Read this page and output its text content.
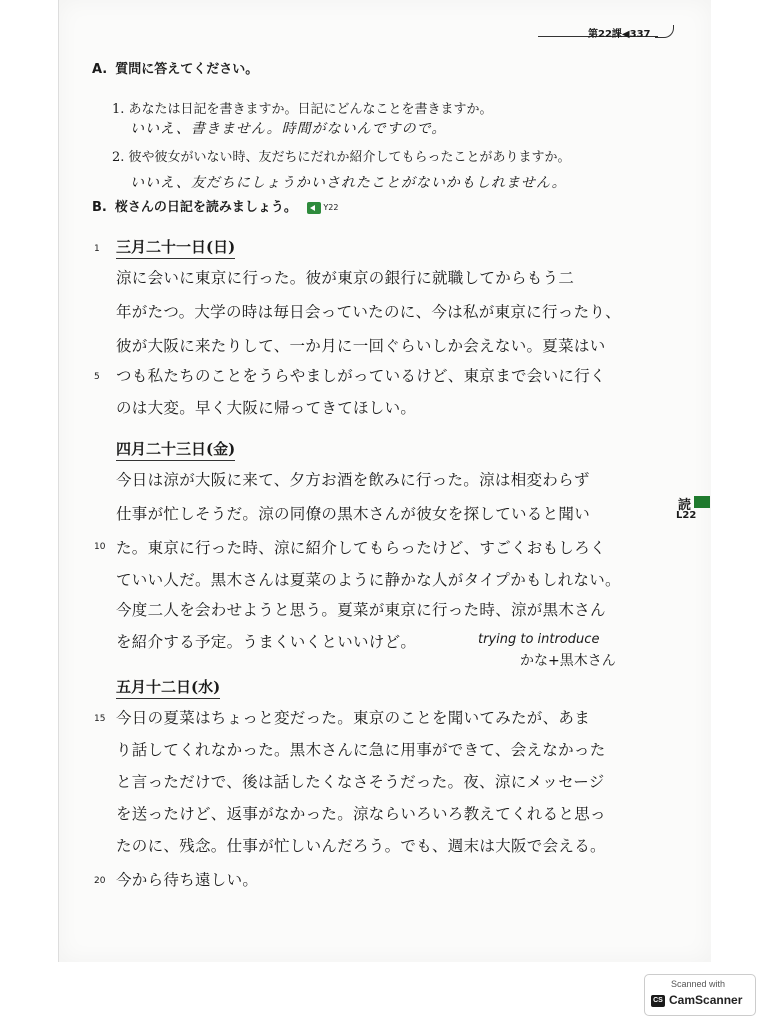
第22課◀337
A. 質問に答えてください。
1. あなたは日記を書きますか。日記にどんなことを書きますか。
いいえ、書きません。時間がないんですので。
2. 彼や彼女がいない時、友だちにだれか紹介してもらったことがありますか。
いいえ、友だちにしょうかいされたことがないかもしれません。
B. 桜さんの日記を読みましょう。	Y22
三月二十一日(日)
1
涼に会いに東京に行った。彼が東京の銀行に就職してからもう二
年がたつ。大学の時は毎日会っていたのに、今は私が東京に行ったり、
彼が大阪に来たりして、一か月に一回ぐらいしか会えない。夏菜はい
5 つも私たちのことをうらやましがっているけど、東京まで会いに行く
のは大変。早く大阪に帰ってきてほしい。
四月二十三日(金)
今日は涼が大阪に来て、夕方お酒を飲みに行った。涼は相変わらず
仕事が忙しそうだ。涼の同僚の黒木さんが彼女を探していると聞い
10 た。東京に行った時、涼に紹介してもらったけど、すごくおもしろく
ていい人だ。黒木さんは夏菜のように静かな人がタイプかもしれない。
今度二人を会わせようと思う。夏菜が東京に行った時、涼が黒木さん
を紹介する予定。うまくいくといいけど。	trying to introduce
かな+黒木さん
五月十二日(水)
15 今日の夏菜はちょっと変だった。東京のことを聞いてみたが、あま
り話してくれなかった。黒木さんに急に用事ができて、会えなかった
と言っただけで、後は話したくなさそうだった。夜、涼にメッセージ
を送ったけど、返事がなかった。涼ならいろいろ教えてくれると思っ
たのに、残念。仕事が忙しいんだろう。でも、週末は大阪で会える。
20 今から待ち遠しい。
読
L22
Scanned with
CS CamScanner
